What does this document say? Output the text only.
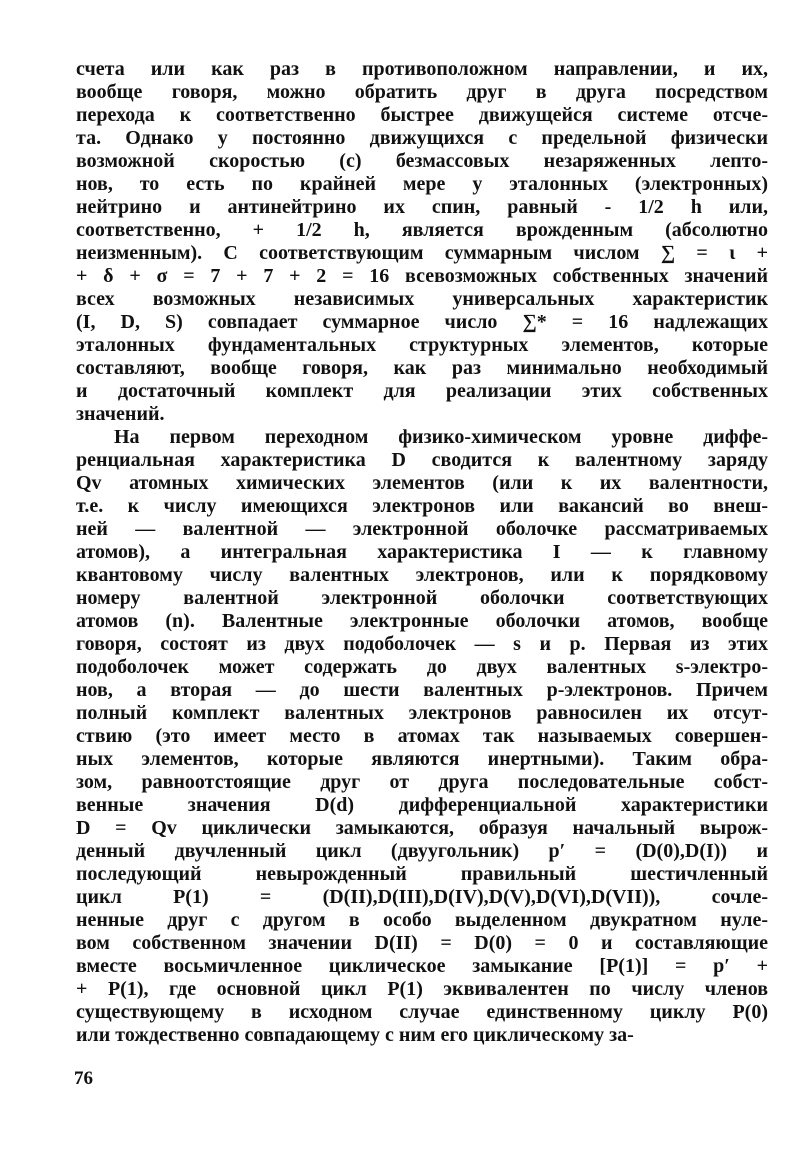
счета или как раз в противоположном направлении, и их,
вообще говоря, можно обратить друг в друга посредством
перехода к соответственно быстрее движущейся системе отсче-
та. Однако у постоянно движущихся с предельной физически
возможной скоростью (c) безмассовых незаряженных лепто-
нов, то есть по крайней мере у эталонных (электронных)
нейтрино и антинейтрино их спин, равный - 1/2 h или,
соответственно, + 1/2 h, является врожденным (абсолютно
неизменным). С соответствующим суммарным числом ∑ = ι +
+ δ + σ = 7 + 7 + 2 = 16 всевозможных собственных значений
всех возможных независимых универсальных характеристик
(I, D, S) совпадает суммарное число ∑* = 16 надлежащих
эталонных фундаментальных структурных элементов, которые
составляют, вообще говоря, как раз минимально необходимый
и достаточный комплект для реализации этих собственных
значений.
На первом переходном физико-химическом уровне диффе-
ренциальная характеристика D сводится к валентному заряду
Qv атомных химических элементов (или к их валентности,
т.е. к числу имеющихся электронов или вакансий во внеш-
ней — валентной — электронной оболочке рассматриваемых
атомов), а интегральная характеристика I — к главному
квантовому числу валентных электронов, или к порядковому
номеру валентной электронной оболочки соответствующих
атомов (n). Валентные электронные оболочки атомов, вообще
говоря, состоят из двух подоболочек — s и p. Первая из этих
подоболочек может содержать до двух валентных s-электро-
нов, а вторая — до шести валентных p-электронов. Причем
полный комплект валентных электронов равносилен их отсут-
ствию (это имеет место в атомах так называемых совершен-
ных элементов, которые являются инертными). Таким обра-
зом, равноотстоящие друг от друга последовательные собст-
венные значения D(d) дифференциальной характеристики
D = Qv циклически замыкаются, образуя начальный вырож-
денный двучленный цикл (двуугольник) p′ = (D(0),D(I)) и
последующий невырожденный правильный шестичленный
цикл P(1) = (D(II),D(III),D(IV),D(V),D(VI),D(VII)), сочле-
ненные друг с другом в особо выделенном двукратном нуле-
вом собственном значении D(II) = D(0) = 0 и составляющие
вместе восьмичленное циклическое замыкание [P(1)] = p′ +
+ P(1), где основной цикл P(1) эквивалентен по числу членов
существующему в исходном случае единственному циклу P(0)
или тождественно совпадающему с ним его циклическому за-
76
